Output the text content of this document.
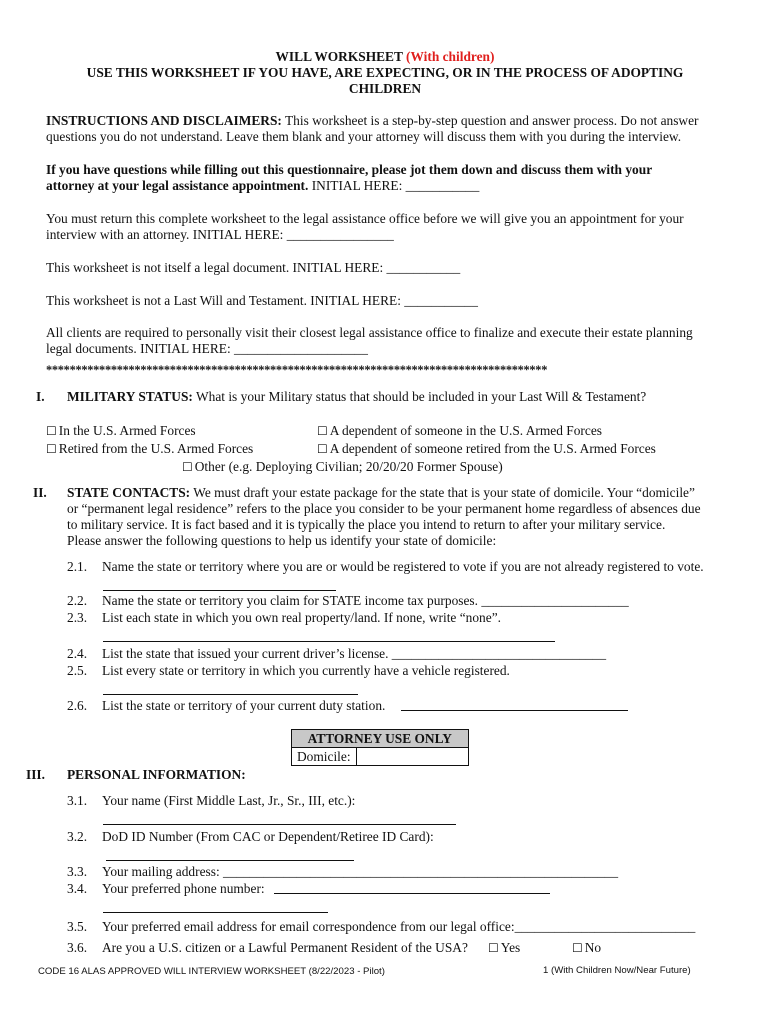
WILL WORKSHEET (With children)
USE THIS WORKSHEET IF YOU HAVE, ARE EXPECTING, OR IN THE PROCESS OF ADOPTING
CHILDREN
INSTRUCTIONS AND DISCLAIMERS: This worksheet is a step-by-step question and answer process. Do not answer
questions you do not understand. Leave them blank and your attorney will discuss them with you during the interview.
If you have questions while filling out this questionnaire, please jot them down and discuss them with your
attorney at your legal assistance appointment. INITIAL HERE: ___________
You must return this complete worksheet to the legal assistance office before we will give you an appointment for your
interview with an attorney. INITIAL HERE: ________________
This worksheet is not itself a legal document. INITIAL HERE: ___________
This worksheet is not a Last Will and Testament. INITIAL HERE: ___________
All clients are required to personally visit their closest legal assistance office to finalize and execute their estate planning
legal documents. INITIAL HERE: ____________________
*************************************************************************************
I. MILITARY STATUS: What is your Military status that should be included in your Last Will & Testament?
☐ In the U.S. Armed Forces	☐ A dependent of someone in the U.S. Armed Forces
☐ Retired from the U.S. Armed Forces	☐ A dependent of someone retired from the U.S. Armed Forces
☐ Other (e.g. Deploying Civilian; 20/20/20 Former Spouse)
II. STATE CONTACTS: We must draft your estate package for the state that is your state of domicile. Your “domicile”
or “permanent legal residence” refers to the place you consider to be your permanent home regardless of absences due
to military service. It is fact based and it is typically the place you intend to return to after your military service.
Please answer the following questions to help us identify your state of domicile:
2.1. Name the state or territory where you are or would be registered to vote if you are not already registered to vote.
2.2. Name the state or territory you claim for STATE income tax purposes. ______________________
2.3. List each state in which you own real property/land. If none, write “none”.
2.4. List the state that issued your current driver’s license. ________________________________
2.5. List every state or territory in which you currently have a vehicle registered.
2.6. List the state or territory of your current duty station.
ATTORNEY USE ONLY
Domicile:	
III. PERSONAL INFORMATION:
3.1. Your name (First Middle Last, Jr., Sr., III, etc.):
3.2. DoD ID Number (From CAC or Dependent/Retiree ID Card):
3.3. Your mailing address: ___________________________________________________________
3.4. Your preferred phone number:
3.5. Your preferred email address for email correspondence from our legal office:___________________________
3.6. Are you a U.S. citizen or a Lawful Permanent Resident of the USA? ☐ Yes	☐ No
CODE 16 ALAS APPROVED WILL INTERVIEW WORKSHEET (8/22/2023 - Pilot)	1 (With Children Now/Near Future)
